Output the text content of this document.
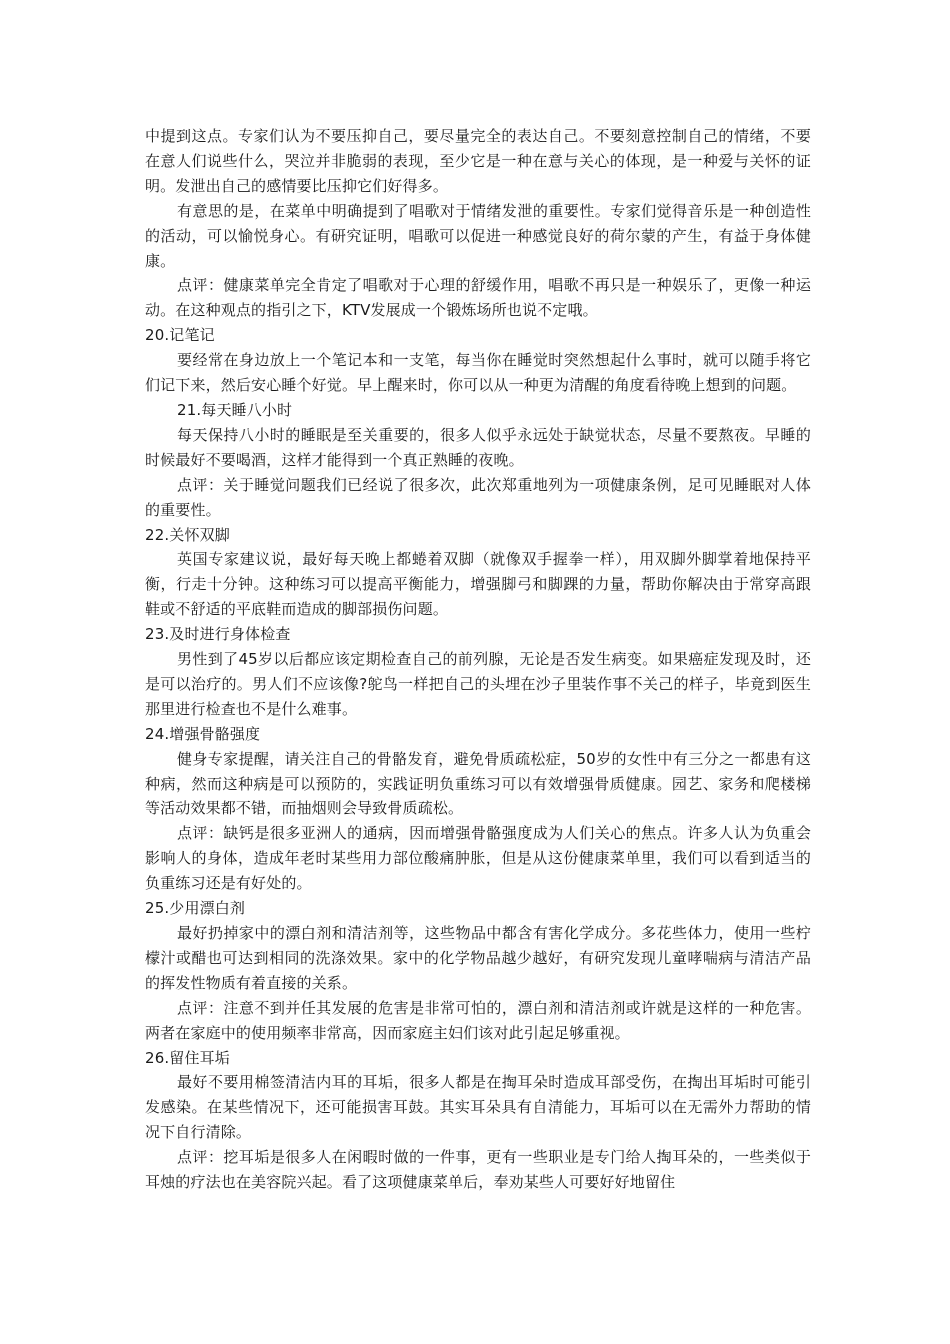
中提到这点。专家们认为不要压抑自己，要尽量完全的表达自己。不要刻意控制自己的情绪，不要在意人们说些什么，哭泣并非脆弱的表现，至少它是一种在意与关心的体现，是一种爱与关怀的证明。发泄出自己的感情要比压抑它们好得多。

有意思的是，在菜单中明确提到了唱歌对于情绪发泄的重要性。专家们觉得音乐是一种创造性的活动，可以愉悦身心。有研究证明，唱歌可以促进一种感觉良好的荷尔蒙的产生，有益于身体健康。

点评：健康菜单完全肯定了唱歌对于心理的舒缓作用，唱歌不再只是一种娱乐了，更像一种运动。在这种观点的指引之下，KTV发展成一个锻炼场所也说不定哦。

20.记笔记

要经常在身边放上一个笔记本和一支笔，每当你在睡觉时突然想起什么事时，就可以随手将它们记下来，然后安心睡个好觉。早上醒来时，你可以从一种更为清醒的角度看待晚上想到的问题。

21.每天睡八小时

每天保持八小时的睡眠是至关重要的，很多人似乎永远处于缺觉状态，尽量不要熬夜。早睡的时候最好不要喝酒，这样才能得到一个真正熟睡的夜晚。

点评：关于睡觉问题我们已经说了很多次，此次郑重地列为一项健康条例，足可见睡眠对人体的重要性。

22.关怀双脚

英国专家建议说，最好每天晚上都蜷着双脚（就像双手握拳一样），用双脚外脚掌着地保持平衡，行走十分钟。这种练习可以提高平衡能力，增强脚弓和脚踝的力量，帮助你解决由于常穿高跟鞋或不舒适的平底鞋而造成的脚部损伤问题。

23.及时进行身体检查

男性到了45岁以后都应该定期检查自己的前列腺，无论是否发生病变。如果癌症发现及时，还是可以治疗的。男人们不应该像?鸵鸟一样把自己的头埋在沙子里装作事不关己的样子，毕竟到医生那里进行检查也不是什么难事。

24.增强骨骼强度

健身专家提醒，请关注自己的骨骼发育，避免骨质疏松症，50岁的女性中有三分之一都患有这种病，然而这种病是可以预防的，实践证明负重练习可以有效增强骨质健康。园艺、家务和爬楼梯等活动效果都不错，而抽烟则会导致骨质疏松。

点评：缺钙是很多亚洲人的通病，因而增强骨骼强度成为人们关心的焦点。许多人认为负重会影响人的身体，造成年老时某些用力部位酸痛肿胀，但是从这份健康菜单里，我们可以看到适当的负重练习还是有好处的。

25.少用漂白剂

最好扔掉家中的漂白剂和清洁剂等，这些物品中都含有害化学成分。多花些体力，使用一些柠檬汁或醋也可达到相同的洗涤效果。家中的化学物品越少越好，有研究发现儿童哮喘病与清洁产品的挥发性物质有着直接的关系。

点评：注意不到并任其发展的危害是非常可怕的，漂白剂和清洁剂或许就是这样的一种危害。两者在家庭中的使用频率非常高，因而家庭主妇们该对此引起足够重视。

26.留住耳垢

最好不要用棉签清洁内耳的耳垢，很多人都是在掏耳朵时造成耳部受伤，在掏出耳垢时可能引发感染。在某些情况下，还可能损害耳鼓。其实耳朵具有自清能力，耳垢可以在无需外力帮助的情况下自行清除。

点评：挖耳垢是很多人在闲暇时做的一件事，更有一些职业是专门给人掏耳朵的，一些类似于耳烛的疗法也在美容院兴起。看了这项健康菜单后，奉劝某些人可要好好地留住
